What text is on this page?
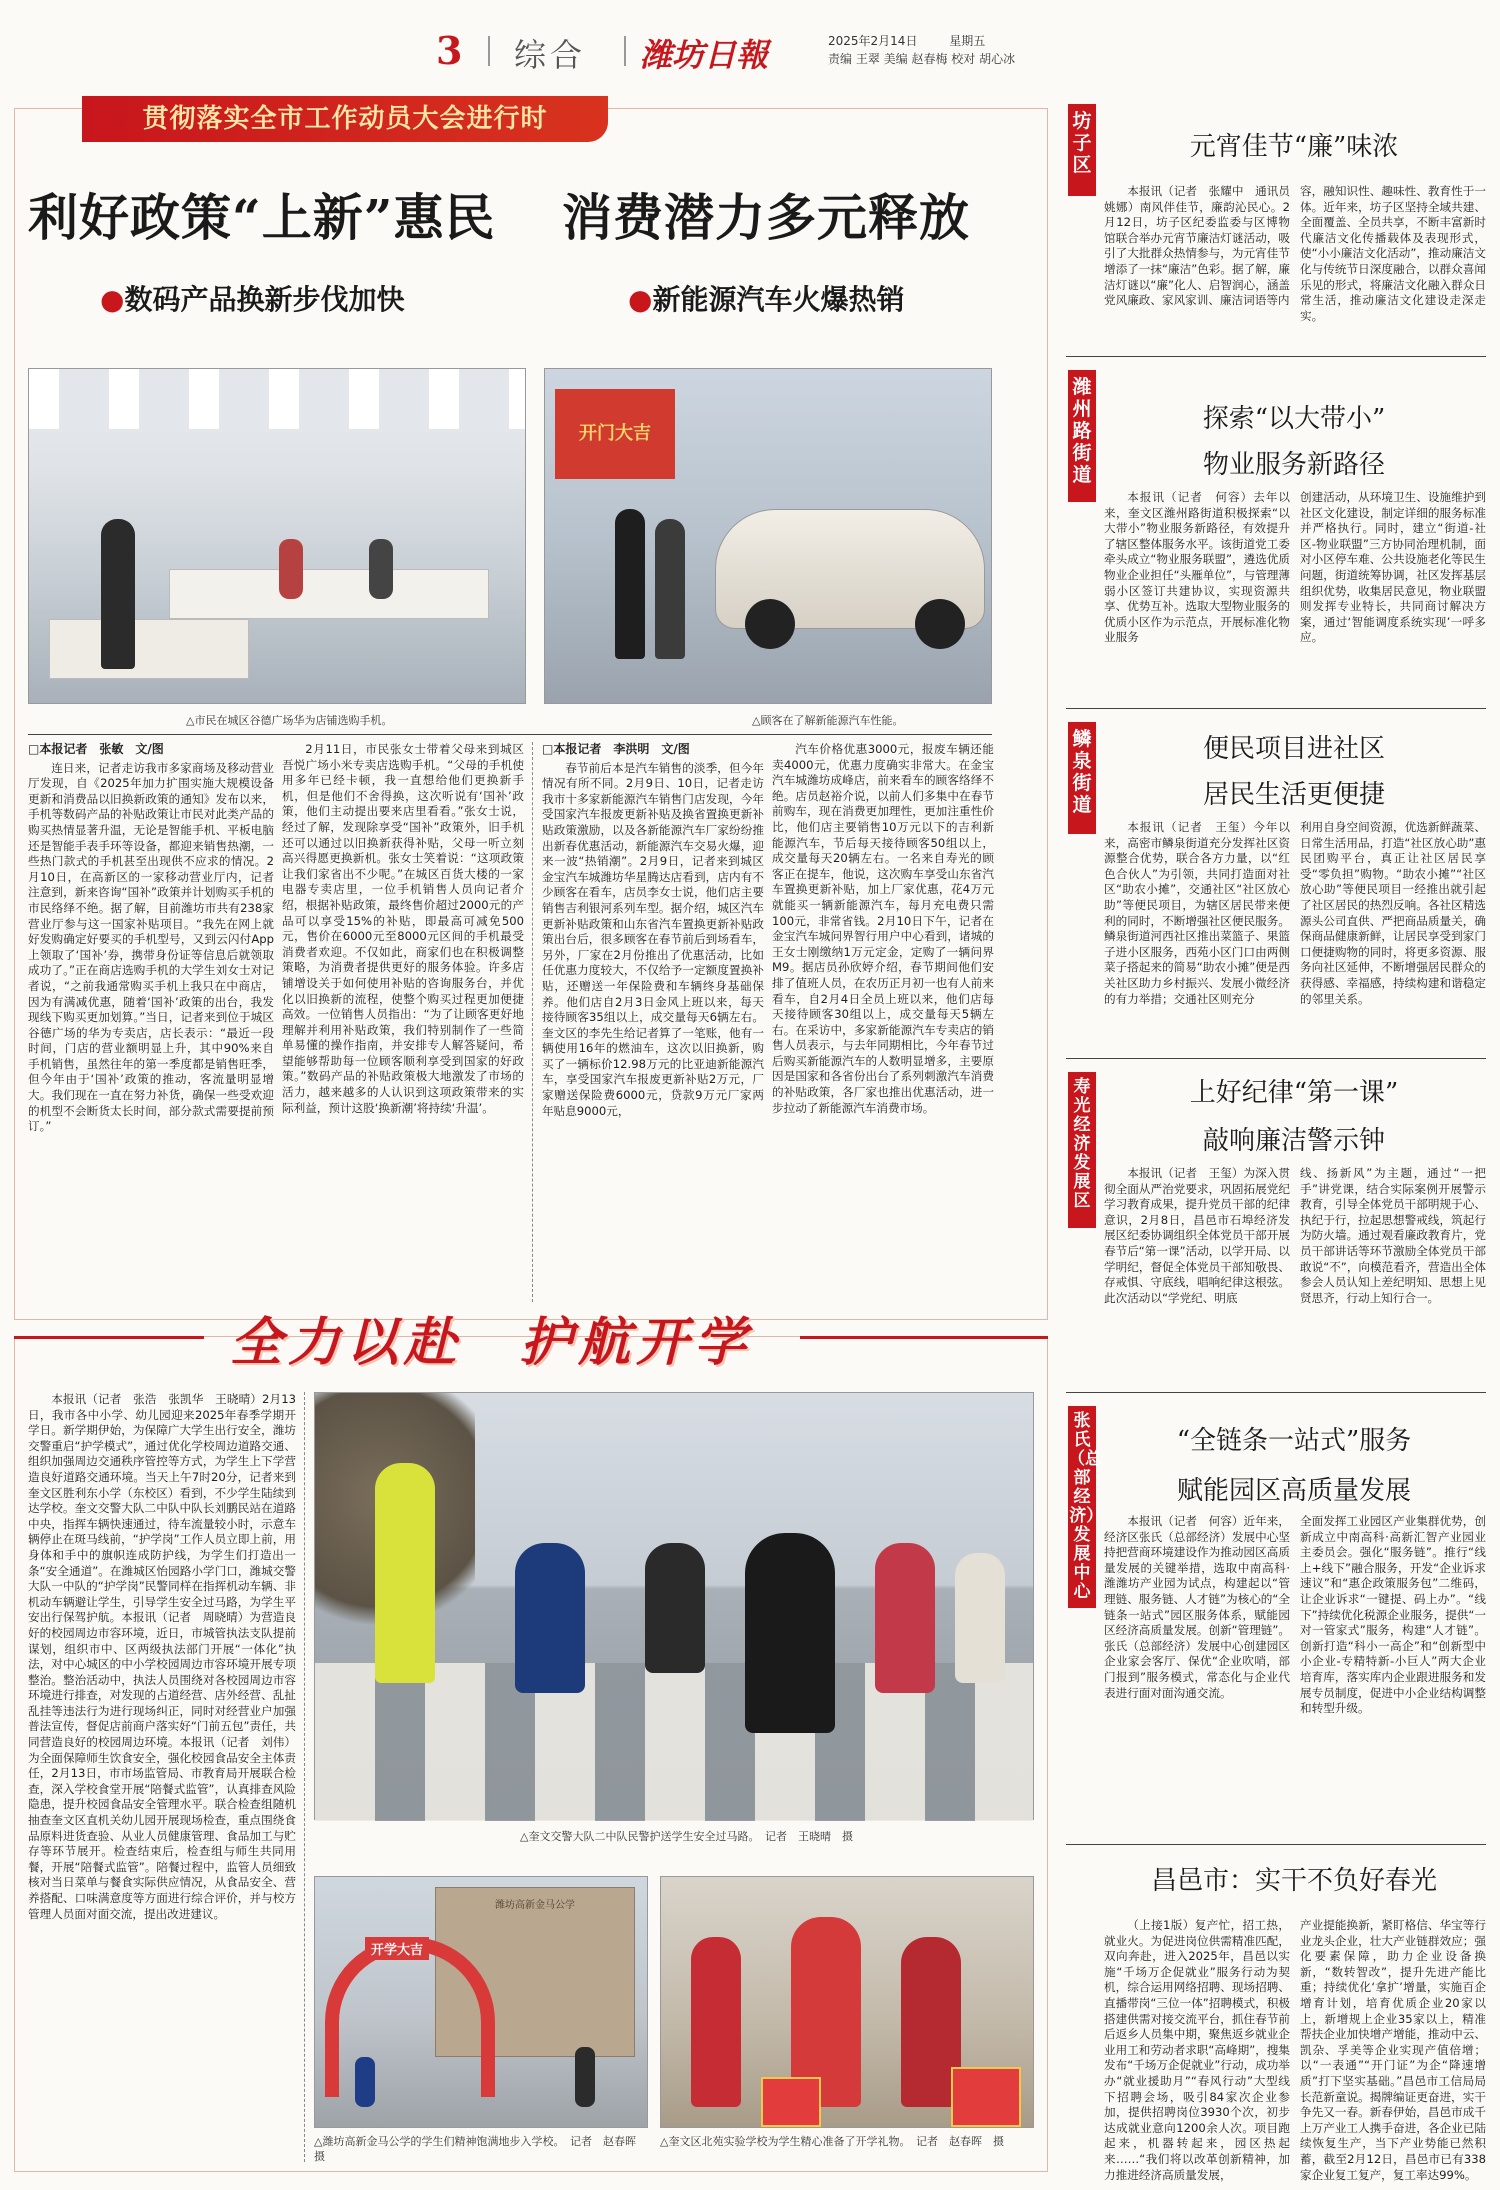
3 综合 潍坊日報	2025年2月14日	星期五
责编 王翠 美编 赵春梅 校对 胡心冰
贯彻落实全市工作动员大会进行时
利好政策“上新”惠民 消费潜力多元释放
●数码产品换新步伐加快	●新能源汽车火爆热销
开门大吉
△市民在城区谷德广场华为店铺选购手机。	△顾客在了解新能源汽车性能。
□本报记者　张敏　文/图

连日来，记者走访我市多家商场及移动营业厅发现，自《2025年加力扩围实施大规模设备更新和消费品以旧换新政策的通知》发布以来，手机等数码产品的补贴政策让市民对此类产品的购买热情显著升温，无论是智能手机、平板电脑还是智能手表手环等设备，都迎来销售热潮，一些热门款式的手机甚至出现供不应求的情况。2月10日，在高新区的一家移动营业厅内，记者注意到，新来咨询“国补”政策并计划购买手机的市民络绎不绝。据了解，目前潍坊市共有238家营业厅参与这一国家补贴项目。“我先在网上就好发购确定好要买的手机型号，又到云闪付App上领取了‘国补’券，携带身份证等信息后就领取成功了。”正在商店选购手机的大学生刘女士对记者说，“之前我通常购买手机上我只在中商店，因为有满减优惠，随着‘国补’政策的出台，我发现线下购买更加划算。”当日，记者来到位于城区谷德广场的华为专卖店，店长表示：“最近一段时间，门店的营业额明显上升，其中90%来自手机销售，虽然往年的第一季度都是销售旺季，但今年由于‘国补’政策的推动，客流量明显增大。我们现在一直在努力补货，确保一些受欢迎的机型不会断货太长时间，部分款式需要提前预订。”

2月11日，市民张女士带着父母来到城区吾悦广场小米专卖店选购手机。“父母的手机使用多年已经卡顿，我一直想给他们更换新手机，但是他们不舍得换，这次听说有‘国补’政策，他们主动提出要来店里看看。”张女士说，经过了解，发现除享受“国补”政策外，旧手机还可以通过以旧换新获得补贴，父母一听立刻高兴得愿更换新机。张女士笑着说：“这项政策让我们家省出不少呢。”在城区百货大楼的一家电器专卖店里，一位手机销售人员向记者介绍，根据补贴政策，最终售价超过2000元的产品可以享受15%的补贴，即最高可减免500元，售价在6000元至8000元区间的手机最受消费者欢迎。不仅如此，商家们也在积极调整策略，为消费者提供更好的服务体验。许多店铺增设关于如何使用补贴的咨询服务台，并优化以旧换新的流程，使整个购买过程更加便捷高效。一位销售人员指出：“为了让顾客更好地理解并利用补贴政策，我们特别制作了一些简单易懂的操作指南，并安排专人解答疑问，希望能够帮助每一位顾客顺利享受到国家的好政策。”数码产品的补贴政策极大地激发了市场的活力，越来越多的人认识到这项政策带来的实际利益，预计这股‘换新潮’将持续‘升温’。

□本报记者　李洪明　文/图

春节前后本是汽车销售的淡季，但今年情况有所不同。2月9日、10日，记者走访我市十多家新能源汽车销售门店发现，今年受国家汽车报废更新补贴及换省置换更新补贴政策激励，以及各新能源汽车厂家纷纷推出新春优惠活动，新能源汽车交易火爆，迎来一波“热销潮”。2月9日，记者来到城区金宝汽车城潍坊华星腾达店看到，店内有不少顾客在看车，店员李女士说，他们店主要销售吉利银河系列车型。据介绍，城区汽车更新补贴政策和山东省汽车置换更新补贴政策出台后，很多顾客在春节前后到场看车，另外，厂家在2月份推出了优惠活动，比如任优惠力度较大，不仅给予一定额度置换补贴，还赠送一年保险费和车辆终身基础保养。他们店自2月3日金风上班以来，每天接待顾客35组以上，成交量每天6辆左右。奎文区的李先生给记者算了一笔账，他有一辆使用16年的燃油车，这次以旧换新，购买了一辆标价12.98万元的比亚迪新能源汽车，享受国家汽车报废更新补贴2万元，厂家赠送保险费6000元，贷款9万元厂家两年贴息9000元，

汽车价格优惠3000元，报废车辆还能卖4000元，优惠力度确实非常大。在金宝汽车城潍坊成峰店，前来看车的顾客络绎不绝。店员赵裕介说，以前人们多集中在春节前购车，现在消费更加理性，更加注重性价比，他们店主要销售10万元以下的吉利新能源汽车，节后每天接待顾客50组以上，成交量每天20辆左右。一名来自寿光的顾客正在提车，他说，这次购车享受山东省汽车置换更新补贴，加上厂家优惠，花4万元就能买一辆新能源汽车，每月充电费只需100元，非常省钱。2月10日下午，记者在金宝汽车城问界智行用户中心看到，诸城的王女士刚缴纳1万元定金，定购了一辆问界M9。据店员孙欣婷介绍，春节期间他们安排了值班人员，在农历正月初一也有人前来看车，自2月4日全员上班以来，他们店每天接待顾客30组以上，成交量每天5辆左右。在采访中，多家新能源汽车专卖店的销售人员表示，与去年同期相比，今年春节过后购买新能源汽车的人数明显增多，主要原因是国家和各省份出台了系列刺激汽车消费的补贴政策，各厂家也推出优惠活动，进一步拉动了新能源汽车消费市场。

全力以赴　护航开学

本报讯（记者　张浩　张凯华　王晓晴）2月13日，我市各中小学、幼儿园迎来2025年春季学期开学日。新学期伊始，为保障广大学生出行安全，潍坊交警重启“护学模式”，通过优化学校周边道路交通、组织加强周边交通秩序管控等方式，为学生上下学营造良好道路交通环境。当天上午7时20分，记者来到奎文区胜利东小学（东校区）看到，不少学生陆续到达学校。奎文交警大队二中队中队长刘鹏民站在道路中央，指挥车辆快速通过，待车流量较小时，示意车辆停止在斑马线前，“护学岗”工作人员立即上前，用身体和手中的旗帜连成防护线，为学生们打造出一条“安全通道”。在潍城区怡园路小学门口，潍城交警大队一中队的“护学岗”民警同样在指挥机动车辆、非机动车辆避让学生，引导学生安全过马路，为学生平安出行保驾护航。本报讯（记者　周晓晴）为营造良好的校园周边市容环境，近日，市城管执法支队提前谋划，组织市中、区两级执法部门开展“一体化”执法，对中心城区的中小学校园周边市容环境开展专项整治。整治活动中，执法人员围绕对各校园周边市容环境进行排查，对发现的占道经营、店外经营、乱扯乱挂等违法行为进行现场纠正，同时对经营业户加强普法宣传，督促店前商户落实好“门前五包”责任，共同营造良好的校园周边环境。本报讯（记者　刘伟）为全面保障师生饮食安全，强化校园食品安全主体责任，2月13日，市市场监管局、市教育局开展联合检查，深入学校食堂开展“陪餐式监管”，认真排查风险隐患，提升校园食品安全管理水平。联合检查组随机抽查奎文区直机关幼儿园开展现场检查，重点围绕食品原料进货查验、从业人员健康管理、食品加工与贮存等环节展开。检查结束后，检查组与师生共同用餐，开展“陪餐式监管”。陪餐过程中，监管人员细致核对当日菜单与餐食实际供应情况，从食品安全、营养搭配、口味满意度等方面进行综合评价，并与校方管理人员面对面交流，提出改进建议。

△奎文交警大队二中队民警护送学生安全过马路。　记者　王晓晴　摄
潍坊高新金马公学
开学大吉
△潍坊高新金马公学的学生们精神饱满地步入学校。　记者　赵春晖　摄
△奎文区北苑实验学校为学生精心准备了开学礼物。　记者　赵春晖　摄
坊子区
元宵佳节“廉”味浓
本报讯（记者　张耀中　通讯员　姚娜）南风伴佳节，廉韵沁民心。2月12日，坊子区纪委监委与区博物馆联合举办元宵节廉洁灯谜活动，吸引了大批群众热情参与，为元宵佳节增添了一抹“廉洁”色彩。据了解，廉洁灯谜以“廉”化人、启智润心，涵盖党风廉政、家风家训、廉洁词语等内
容，融知识性、趣味性、教育性于一体。近年来，坊子区坚持全域共建、全面覆盖、全员共享，不断丰富新时代廉洁文化传播载体及表现形式，使“小小廉洁文化活动”，推动廉洁文化与传统节日深度融合，以群众喜闻乐见的形式，将廉洁文化融入群众日常生活，推动廉洁文化建设走深走实。
潍州路街道
探索“以大带小”
物业服务新路径
本报讯（记者　何容）去年以来，奎文区潍州路街道积极探索“以大带小”物业服务新路径，有效提升了辖区整体服务水平。该街道党工委牵头成立“物业服务联盟”，遴选优质物业企业担任“头雁单位”，与管理薄弱小区签订共建协议，实现资源共享、优势互补。选取大型物业服务的优质小区作为示范点，开展标准化物业服务
创建活动，从环境卫生、设施维护到社区文化建设，制定详细的服务标准并严格执行。同时，建立“街道-社区-物业联盟”三方协同治理机制，面对小区停车难、公共设施老化等民生问题，街道统筹协调，社区发挥基层组织优势，收集居民意见，物业联盟则发挥专业特长，共同商讨解决方案，通过‘智能调度系统实现’一呼多应。
鳞泉街道
便民项目进社区
居民生活更便捷
本报讯（记者　王玺）今年以来，高密市鳞泉街道充分发挥社区资源整合优势，联合各方力量，以“红色合伙人”为引领，共同打造面对社区“助农小摊”，交通社区“社区放心助”等便民项目，为辖区居民带来便利的同时，不断增强社区便民服务。鳞泉街道河西社区推出菜篮子、果篮子进小区服务，西苑小区门口由两侧菜子搭起来的简易“助农小摊”便是西关社区助力乡村振兴、发展小微经济的有力举措；交通社区则充分
利用自身空间资源，优选新鲜蔬菜、日常生活用品，打造“社区放心助”惠民团购平台，真正让社区居民享受“零负担”购物。“助农小摊”“社区放心助”等便民项目一经推出就引起了社区居民的热烈反响。各社区精选源头公司直供、严把商品质量关，确保商品健康新鲜，让居民享受到家门口便捷购物的同时，将更多资源、服务向社区延伸，不断增强居民群众的获得感、幸福感，持续构建和谐稳定的邻里关系。
寿光经济发展区
上好纪律“第一课”
敲响廉洁警示钟
本报讯（记者　王玺）为深入贯彻全面从严治党要求，巩固拓展党纪学习教育成果，提升党员干部的纪律意识，2月8日，昌邑市石埠经济发展区纪委协调组织全体党员干部开展春节后“第一课”活动，以学开局、以学明纪，督促全体党员干部知敬畏、存戒惧、守底线，唱响纪律这根弦。此次活动以“学党纪、明底
线、扬新风”为主题，通过“一把手”讲党课，结合实际案例开展警示教育，引导全体党员干部明规于心、执纪于行，拉起思想警戒线，筑起行为防火墙。通过观看廉政教育片，党员干部讲话等环节激励全体党员干部敢说“不”，向模范看齐，营造出全体参会人员认知上差纪明知、思想上见贤思齐，行动上知行合一。
张氏（总部经济）发展中心
“全链条一站式”服务
赋能园区高质量发展
本报讯（记者　何容）近年来，经济区张氏（总部经济）发展中心坚持把营商环境建设作为推动园区高质量发展的关键举措，选取中南高科·潍潍坊产业园为试点，构建起以“管理链、服务链、人才链”为核心的“全链条一站式”园区服务体系，赋能园区经济高质量发展。创新“管理链”。张氏（总部经济）发展中心创建园区企业家会客厅、保优“企业吹哨，部门报到”服务模式，常态化与企业代表进行面对面沟通交流。
全面发挥工业园区产业集群优势，创新成立中南高科·高新汇智产业园业主委员会。强化“服务链”。推行“线上+线下”融合服务，开发“企业诉求速议”和“惠企政策服务包”二维码，让企业诉求“一键提、码上办”。“线下”持续优化税源企业服务，提供“一对一管家式”服务，构建“人才链”。创新打造“科小一高企”和“创新型中小企业-专精特新-小巨人”两大企业培育库，落实库内企业跟进服务和发展专员制度，促进中小企业结构调整和转型升级。
昌邑市：实干不负好春光
（上接1版）复产忙，招工热，就业火。为促进岗位供需精准匹配，双向奔赴，进入2025年，昌邑以实施“千场万企促就业”服务行动为契机，综合运用网络招聘、现场招聘、直播带岗“三位一体”招聘模式，积极搭建供需对接交流平台，抓住春节前后返乡人员集中期，聚焦返乡就业企业用工和劳动者求职“高峰期”，搜集发布“千场万企促就业”行动，成功举办“就业援助月”“春风行动”大型线下招聘会场，吸引84家次企业参加，提供招聘岗位3930个次，初步达成就业意向1200余人次。项目跑起来，机器转起来，园区热起来……“我们将以改革创新精神，加力推进经济高质量发展，
产业提能换新，紧盯格信、华宝等行业龙头企业，壮大产业链群效应；强化要素保障，助力企业设备换新，“数转智改”，提升先进产能比重；持续优化‘拿扩’增量，实施百企增育计划，培育优质企业20家以上，新增规上企业35家以上，精准帮扶企业加快增产增能，推动中云、凯杂、孚美等企业实现产值倍增；以“一表通”“开门证”为企“降速增质”打下坚实基础。”昌邑市工信局局长范新童说。揭牌编证更奋进，实干争先又一春。新春伊始，昌邑市成千上万产业工人携手奋进，各企业已陆续恢复生产，当下产业势能已然积蓄，截至2月12日，昌邑市已有338家企业复工复产，复工率达99%。
